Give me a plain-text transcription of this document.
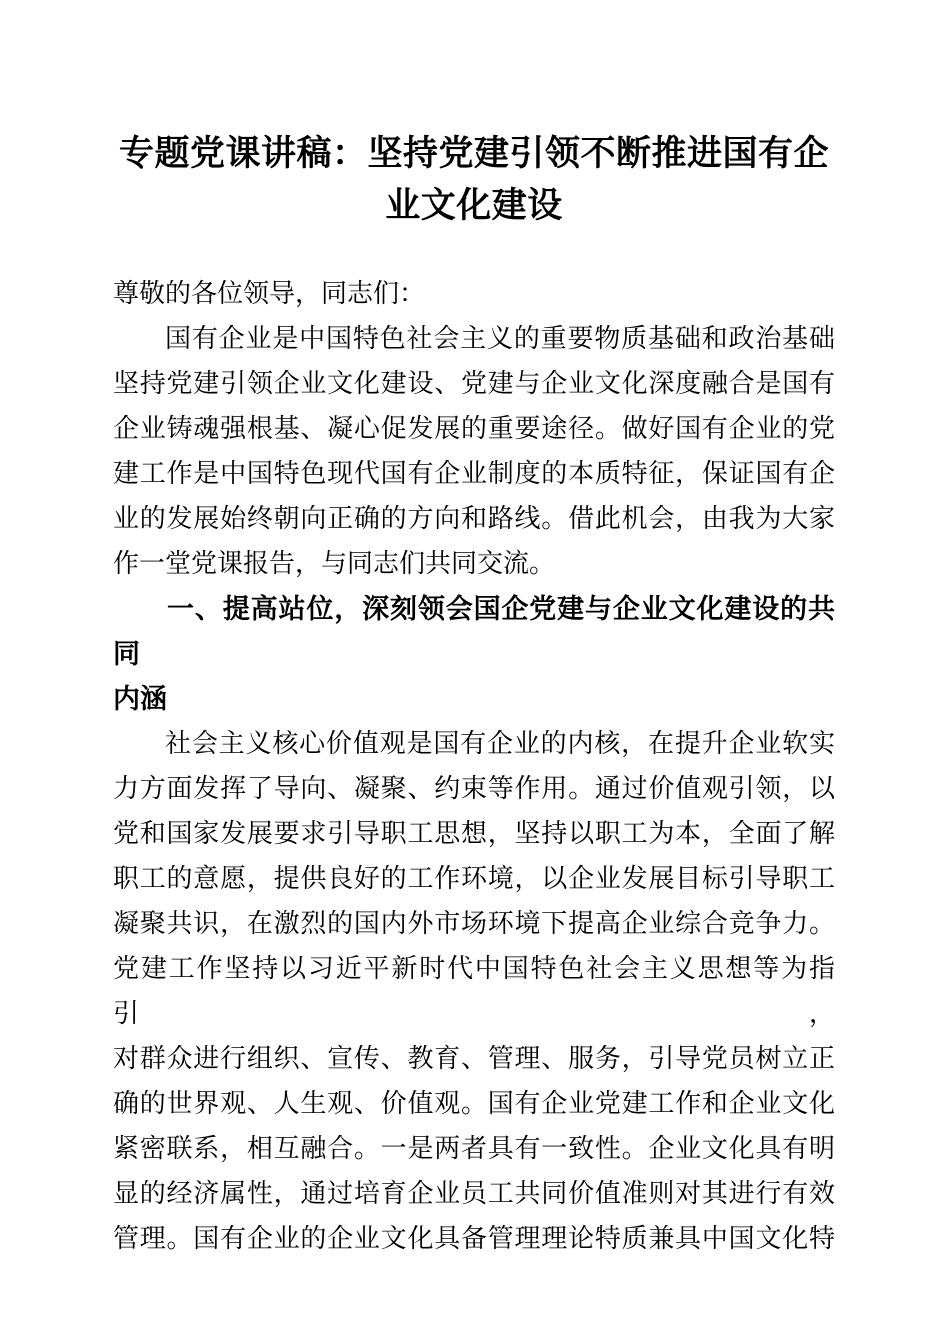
专题党课讲稿：坚持党建引领不断推进国有企
业文化建设
尊敬的各位领导，同志们：
国有企业是中国特色社会主义的重要物质基础和政治基础
坚持党建引领企业文化建设、党建与企业文化深度融合是国有
企业铸魂强根基、凝心促发展的重要途径。做好国有企业的党
建工作是中国特色现代国有企业制度的本质特征，保证国有企
业的发展始终朝向正确的方向和路线。借此机会，由我为大家
作一堂党课报告，与同志们共同交流。
一、提高站位，深刻领会国企党建与企业文化建设的共同
内涵
社会主义核心价值观是国有企业的内核，在提升企业软实
力方面发挥了导向、凝聚、约束等作用。通过价值观引领，以
党和国家发展要求引导职工思想，坚持以职工为本，全面了解
职工的意愿，提供良好的工作环境，以企业发展目标引导职工
凝聚共识，在激烈的国内外市场环境下提高企业综合竞争力。
党建工作坚持以习近平新时代中国特色社会主义思想等为指引，
对群众进行组织、宣传、教育、管理、服务，引导党员树立正
确的世界观、人生观、价值观。国有企业党建工作和企业文化
紧密联系，相互融合。一是两者具有一致性。企业文化具有明
显的经济属性，通过培育企业员工共同价值准则对其进行有效
管理。国有企业的企业文化具备管理理论特质兼具中国文化特
